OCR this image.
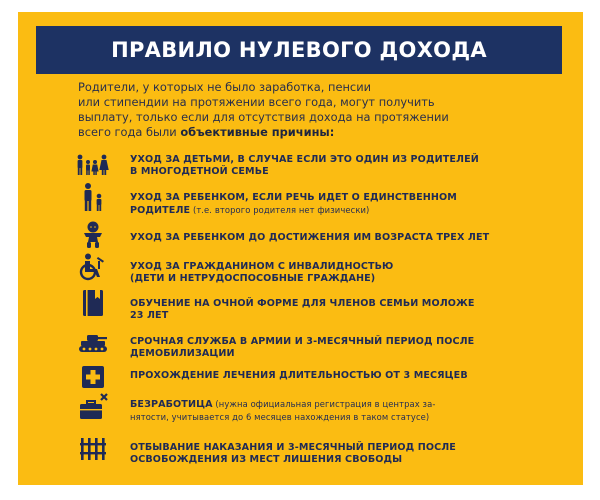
ПРАВИЛО НУЛЕВОГО ДОХОДА
Родители, у которых не было заработка, пенсии
или стипендии на протяжении всего года, могут получить
выплату, только если для отсутствия дохода на протяжении
всего года были объективные причины:
УХОД ЗА ДЕТЬМИ, В СЛУЧАЕ ЕСЛИ ЭТО ОДИН ИЗ РОДИТЕЛЕЙ
В МНОГОДЕТНОЙ СЕМЬЕ
УХОД ЗА РЕБЕНКОМ, ЕСЛИ РЕЧЬ ИДЕТ О ЕДИНСТВЕННОМ
РОДИТЕЛЕ (т.е. второго родителя нет физически)
УХОД ЗА РЕБЕНКОМ ДО ДОСТИЖЕНИЯ ИМ ВОЗРАСТА ТРЕХ ЛЕТ
УХОД ЗА ГРАЖДАНИНОМ С ИНВАЛИДНОСТЬЮ
(ДЕТИ И НЕТРУДОСПОСОБНЫЕ ГРАЖДАНЕ)
ОБУЧЕНИЕ НА ОЧНОЙ ФОРМЕ ДЛЯ ЧЛЕНОВ СЕМЬИ МОЛОЖЕ
23 ЛЕТ
СРОЧНАЯ СЛУЖБА В АРМИИ И 3-МЕСЯЧНЫЙ ПЕРИОД ПОСЛЕ
ДЕМОБИЛИЗАЦИИ
ПРОХОЖДЕНИЕ ЛЕЧЕНИЯ ДЛИТЕЛЬНОСТЬЮ ОТ 3 МЕСЯЦЕВ
БЕЗРАБОТИЦА (нужна официальная регистрация в центрах за-
нятости, учитывается до 6 месяцев нахождения в таком статусе)
ОТБЫВАНИЕ НАКАЗАНИЯ И 3-МЕСЯЧНЫЙ ПЕРИОД ПОСЛЕ
ОСВОБОЖДЕНИЯ ИЗ МЕСТ ЛИШЕНИЯ СВОБОДЫ
